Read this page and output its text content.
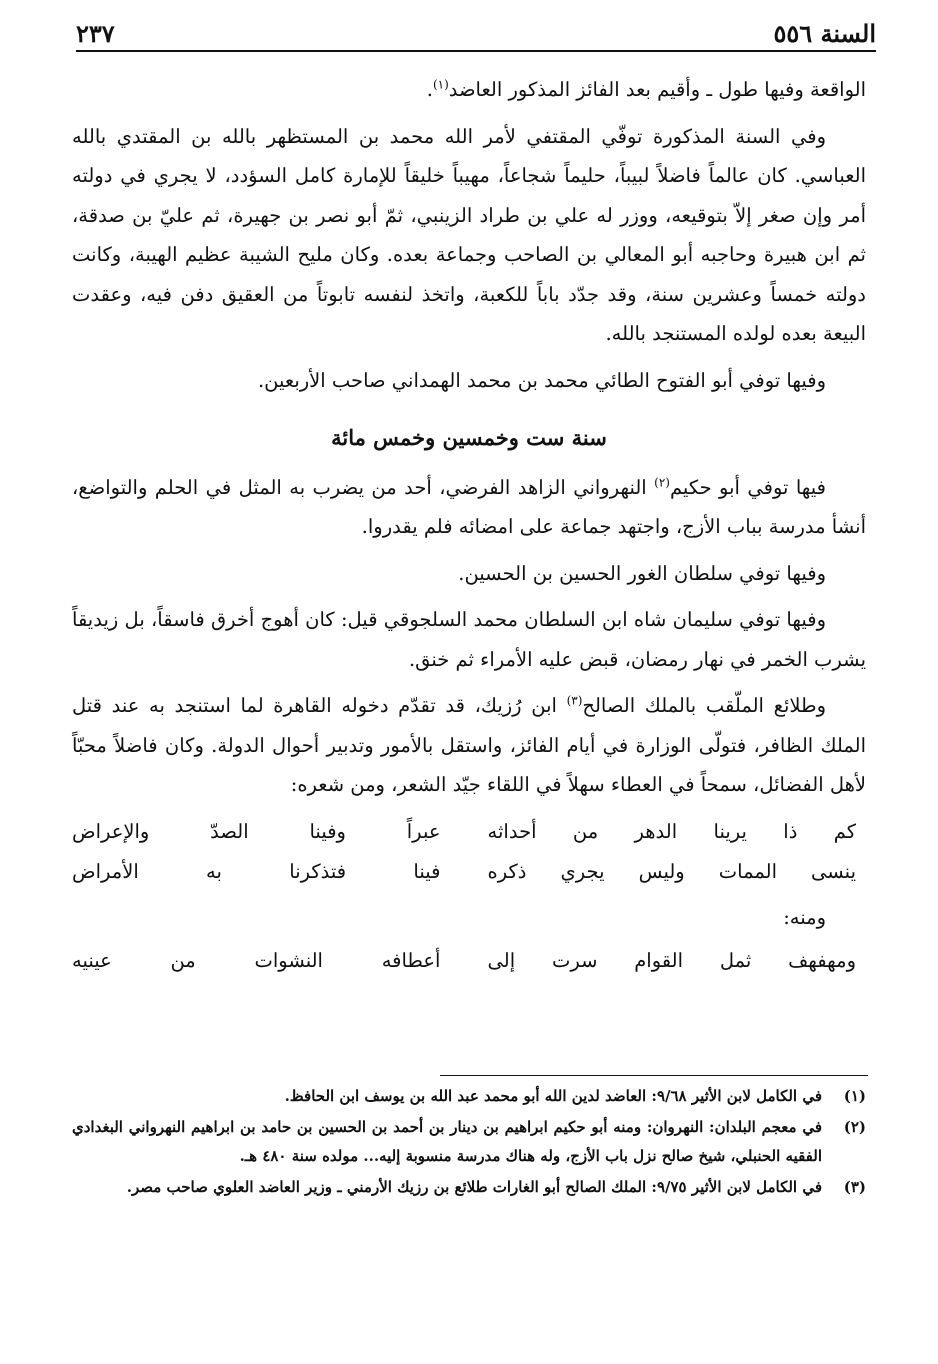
٢٣٧	السنة ٥٥٦

الواقعة وفيها طول ـ وأقيم بعد الفائز المذكور العاضد$^{(١)}$.

وفي السنة المذكورة توفّي المقتفي لأمر الله محمد بن المستظهر بالله بن المقتدي بالله العباسي. كان عالماً فاضلاً لبيباً، حليماً شجاعاً، مهيباً خليقاً للإمارة كامل السؤدد، لا يجري في دولته أمر وإن صغر إلاّ بتوقيعه، ووزر له علي بن طراد الزينبي، ثمّ أبو نصر بن جهيرة، ثم عليّ بن صدقة، ثم ابن هبيرة وحاجبه أبو المعالي بن الصاحب وجماعة بعده. وكان مليح الشيبة عظيم الهيبة، وكانت دولته خمساً وعشرين سنة، وقد جدّد باباً للكعبة، واتخذ لنفسه تابوتاً من العقيق دفن فيه، وعقدت البيعة بعده لولده المستنجد بالله.

وفيها توفي أبو الفتوح الطائي محمد بن محمد الهمداني صاحب الأربعين.

سنة ست وخمسين وخمس مائة

فيها توفي أبو حكيم$^{(٢)}$ النهرواني الزاهد الفرضي، أحد من يضرب به المثل في الحلم والتواضع، أنشأ مدرسة بباب الأزج، واجتهد جماعة على امضائه فلم يقدروا.

وفيها توفي سلطان الغور الحسين بن الحسين.

وفيها توفي سليمان شاه ابن السلطان محمد السلجوقي قيل: كان أهوج أخرق فاسقاً، بل زيديقاً يشرب الخمر في نهار رمضان، قبض عليه الأمراء ثم خنق.

وطلائع الملّقب بالملك الصالح$^{(٣)}$ ابن رُزيك، قد تقدّم دخوله القاهرة لما استنجد به عند قتل الملك الظافر، فتولّى الوزارة في أيام الفائز، واستقل بالأمور وتدبير أحوال الدولة. وكان فاضلاً محبّاً لأهل الفضائل، سمحاً في العطاء سهلاً في اللقاء جيّد الشعر، ومن شعره:

كم ذا يرينا الدهر من أحداثه
عبراً وفينا الصدّ والإعراض
ينسى الممات وليس يجري ذكره
فينا فتذكرنا به الأمراض
ومنه:
ومهفهف ثمل القوام سرت إلى
أعطافه النشوات من عينيه
(١)
في الكامل لابن الأثير ٩/٦٨: العاضد لدين الله أبو محمد عبد الله بن يوسف ابن الحافظ.
(٢)
في معجم البلدان: النهروان: ومنه أبو حكيم ابراهيم بن دينار بن أحمد بن الحسين بن حامد بن ابراهيم النهرواني البغدادي الفقيه الحنبلي، شيخ صالح نزل باب الأزج، وله هناك مدرسة منسوبة إليه... مولده سنة ٤٨٠ هـ.
(٣)
في الكامل لابن الأثير ٩/٧٥: الملك الصالح أبو الغارات طلائع بن رزيك الأرمني ـ وزير العاضد العلوي صاحب مصر.
